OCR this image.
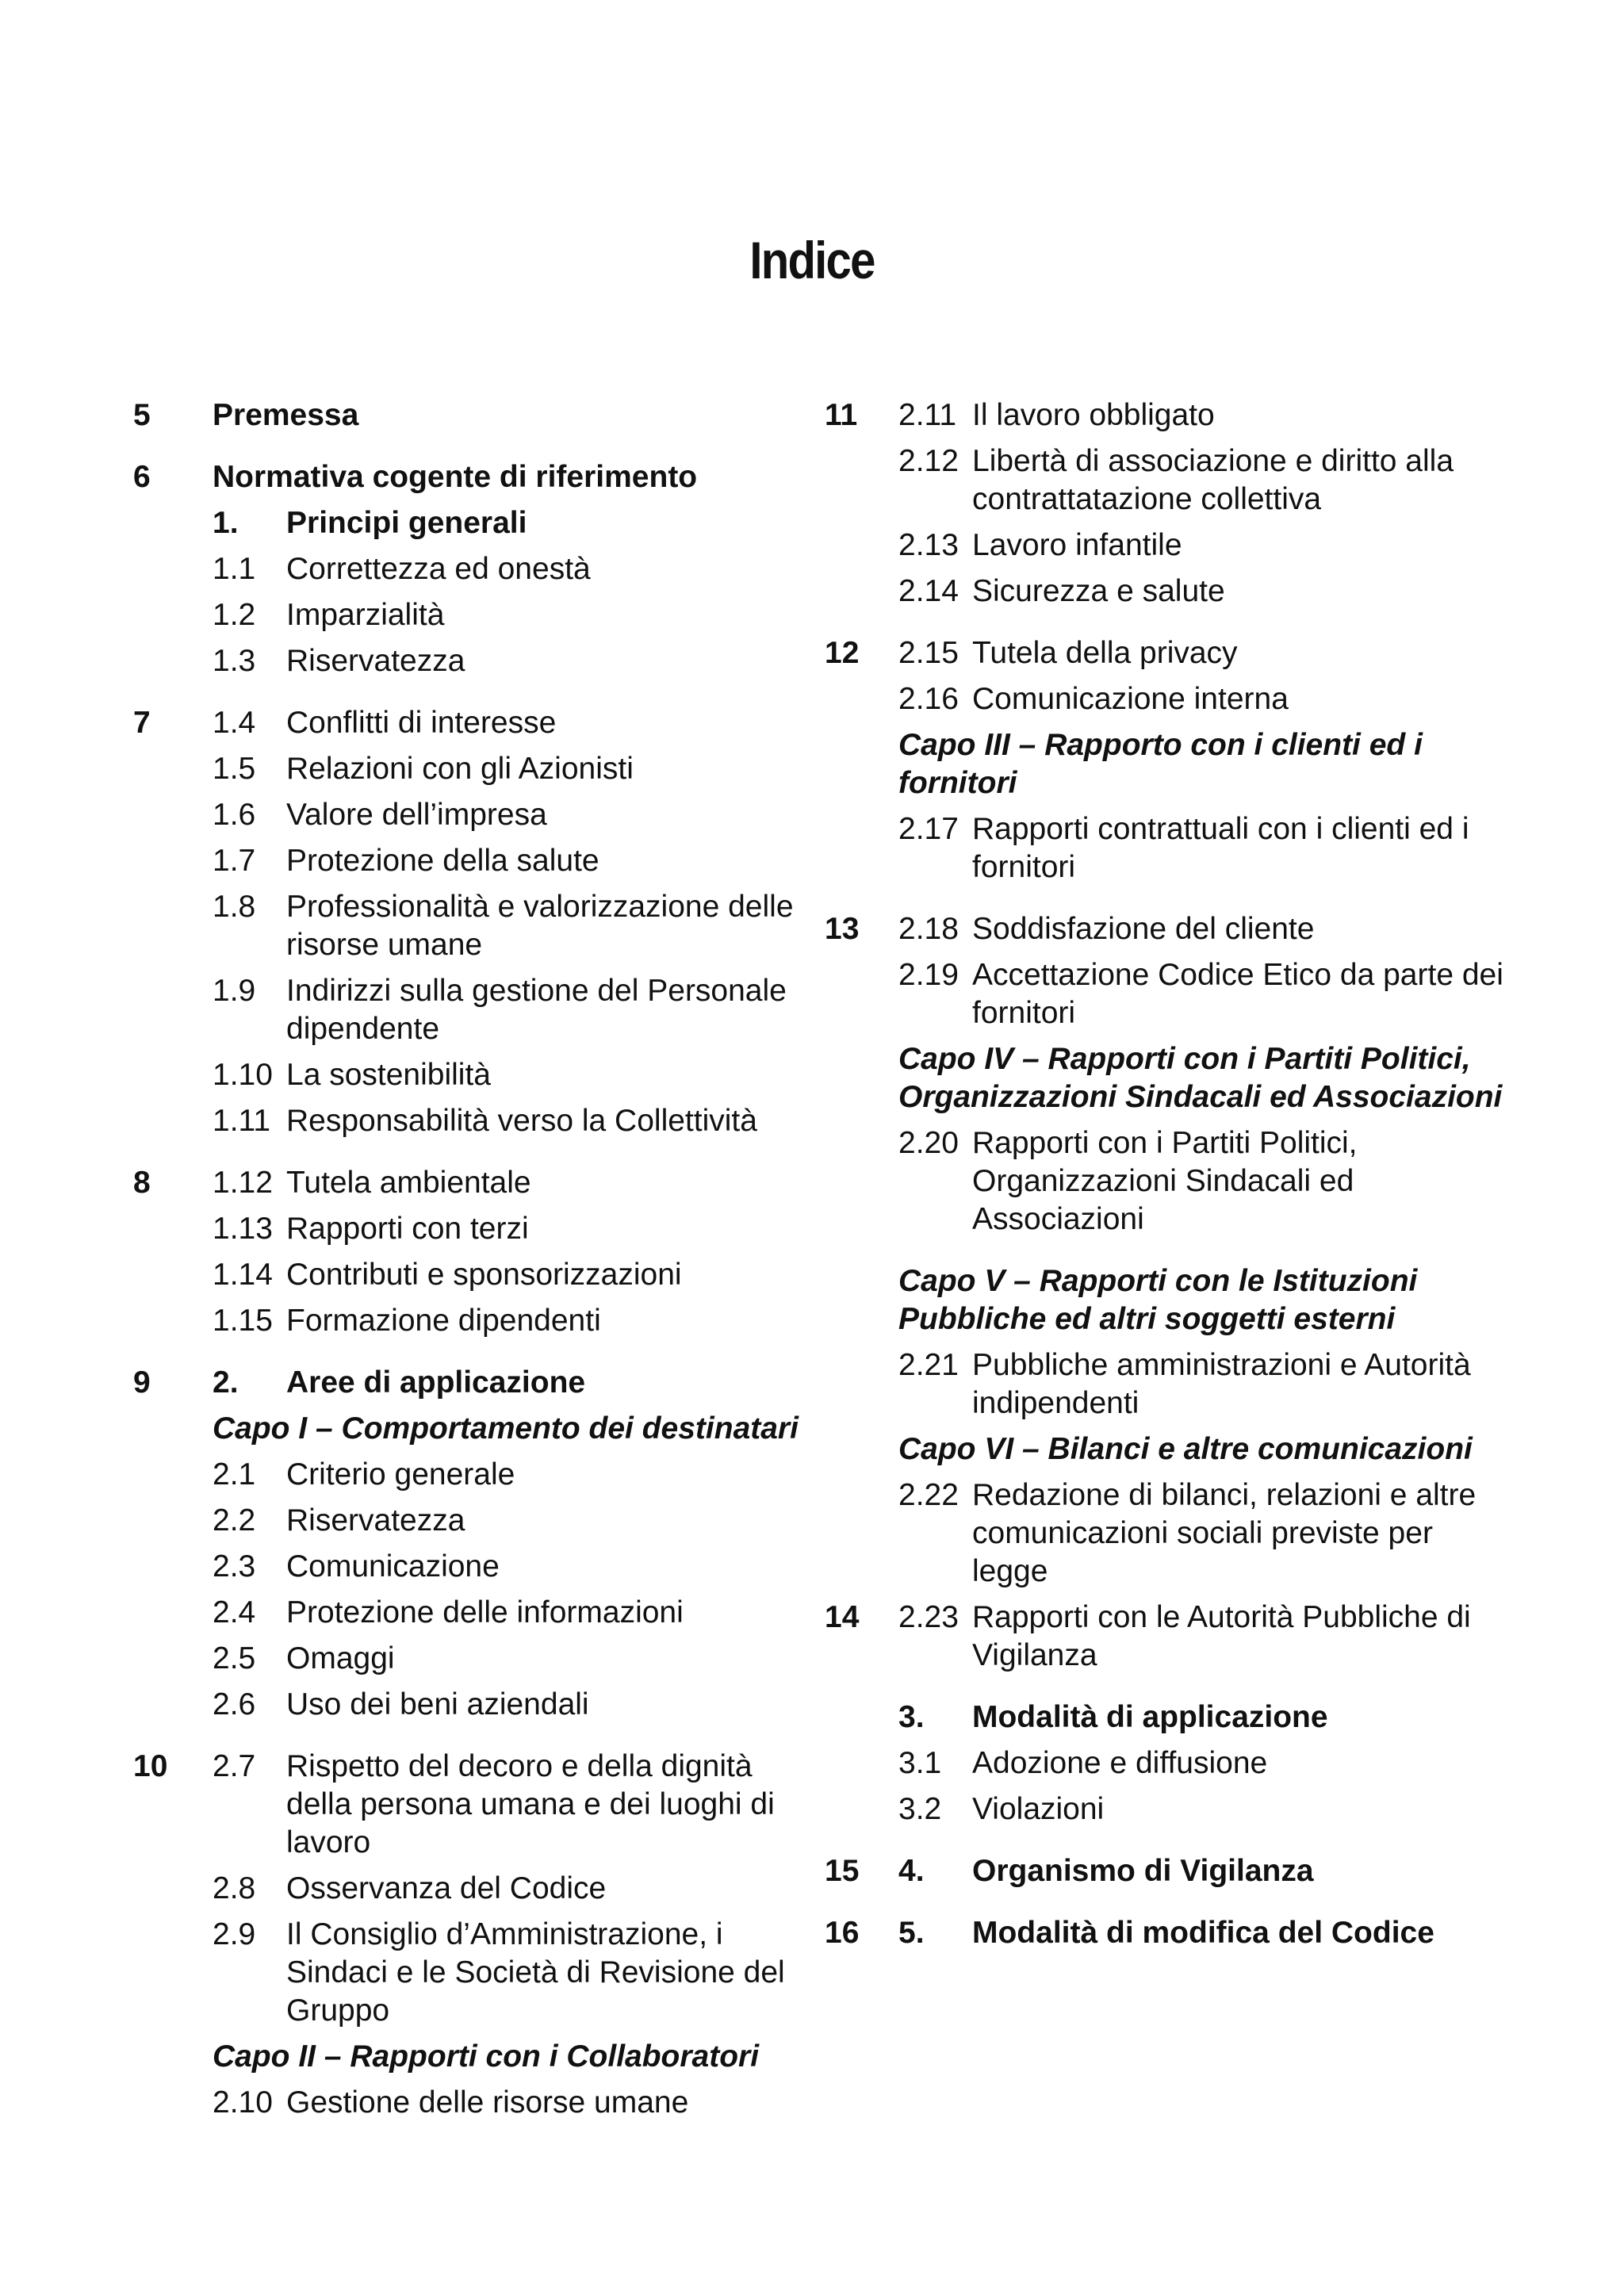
Indice
5 Premessa
6 Normativa cogente di riferimento
1. Principi generali
1.1 Correttezza ed onestà
1.2 Imparzialità
1.3 Riservatezza
7 1.4 Conflitti di interesse
1.5 Relazioni con gli Azionisti
1.6 Valore dell’impresa
1.7 Protezione della salute
1.8 Professionalità e valorizzazione delle risorse umane
1.9 Indirizzi sulla gestione del Personale dipendente
1.10 La sostenibilità
1.11 Responsabilità verso la Collettività
8 1.12 Tutela ambientale
1.13 Rapporti con terzi
1.14 Contributi e sponsorizzazioni
1.15 Formazione dipendenti
9 2. Aree di applicazione
Capo I – Comportamento dei destinatari
2.1 Criterio generale
2.2 Riservatezza
2.3 Comunicazione
2.4 Protezione delle informazioni
2.5 Omaggi
2.6 Uso dei beni aziendali
10 2.7 Rispetto del decoro e della dignità della persona umana e dei luoghi di lavoro
2.8 Osservanza del Codice
2.9 Il Consiglio d’Amministrazione, i Sindaci e le Società di Revisione del Gruppo
Capo II – Rapporti con i Collaboratori
2.10 Gestione delle risorse umane
11 2.11 Il lavoro obbligato
2.12 Libertà di associazione e diritto alla contrattatazione collettiva
2.13 Lavoro infantile
2.14 Sicurezza e salute
12 2.15 Tutela della privacy
2.16 Comunicazione interna
Capo III – Rapporto con i clienti ed i fornitori
2.17 Rapporti contrattuali con i clienti ed i fornitori
13 2.18 Soddisfazione del cliente
2.19 Accettazione Codice Etico da parte dei fornitori
Capo IV – Rapporti con i Partiti Politici, Organizzazioni Sindacali ed Associazioni
2.20 Rapporti con i Partiti Politici, Organizzazioni Sindacali ed Associazioni
Capo V – Rapporti con le Istituzioni Pubbliche ed altri soggetti esterni
2.21 Pubbliche amministrazioni e Autorità indipendenti
Capo VI – Bilanci e altre comunicazioni
2.22 Redazione di bilanci, relazioni e altre comunicazioni sociali previste per legge
14 2.23 Rapporti con le Autorità Pubbliche di Vigilanza
3. Modalità di applicazione
3.1 Adozione e diffusione
3.2 Violazioni
15 4. Organismo di Vigilanza
16 5. Modalità di modifica del Codice
